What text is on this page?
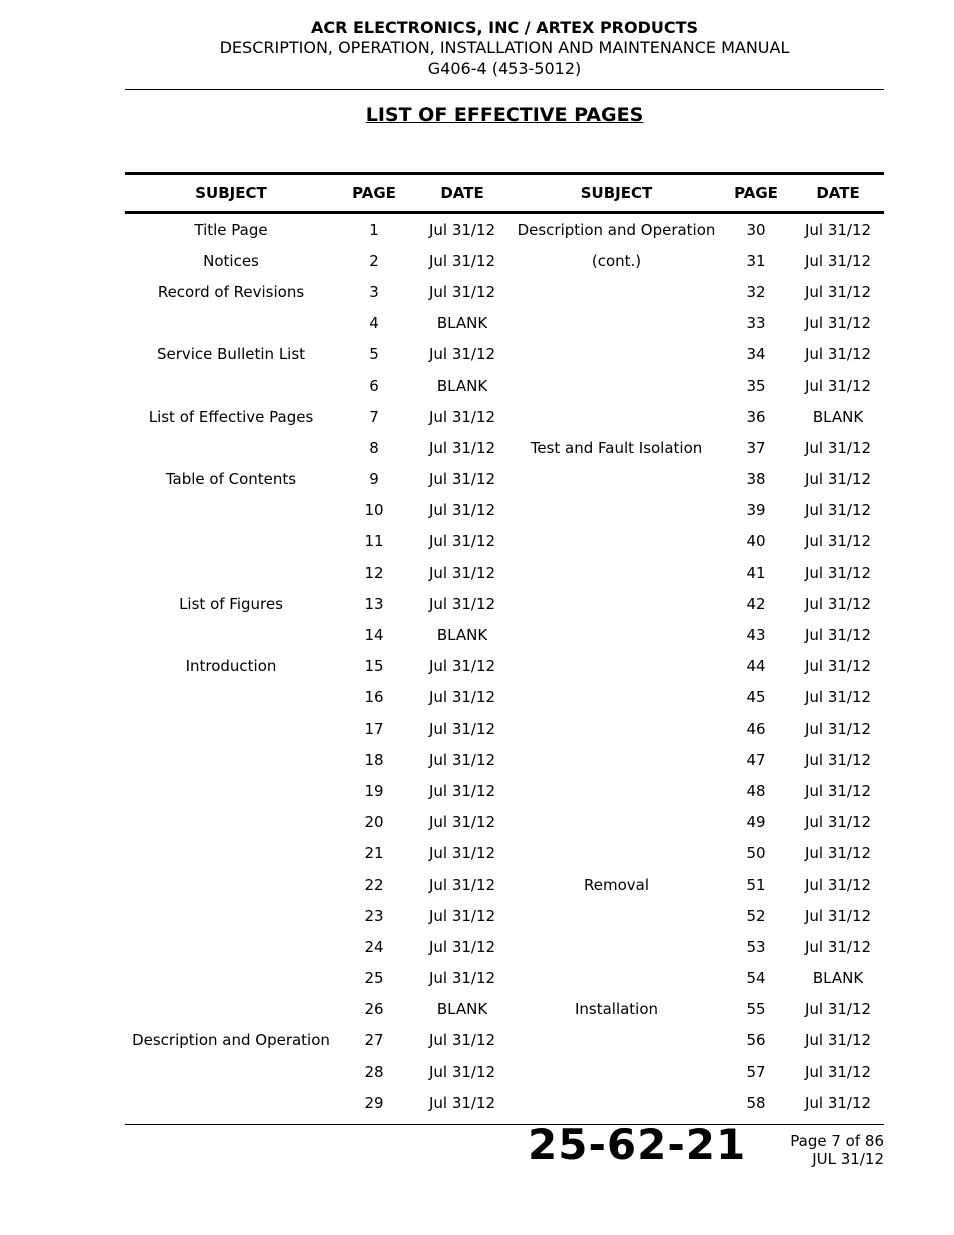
ACR ELECTRONICS, INC / ARTEX PRODUCTS
DESCRIPTION, OPERATION, INSTALLATION AND MAINTENANCE MANUAL
G406-4 (453-5012)
LIST OF EFFECTIVE PAGES
SUBJECT	PAGE	DATE	SUBJECT	PAGE	DATE
Title Page	1	Jul 31/12	Description and Operation	30	Jul 31/12
Notices	2	Jul 31/12	(cont.)	31	Jul 31/12
Record of Revisions	3	Jul 31/12		32	Jul 31/12
	4	BLANK		33	Jul 31/12
Service Bulletin List	5	Jul 31/12		34	Jul 31/12
	6	BLANK		35	Jul 31/12
List of Effective Pages	7	Jul 31/12		36	BLANK
	8	Jul 31/12	Test and Fault Isolation	37	Jul 31/12
Table of Contents	9	Jul 31/12		38	Jul 31/12
	10	Jul 31/12		39	Jul 31/12
	11	Jul 31/12		40	Jul 31/12
	12	Jul 31/12		41	Jul 31/12
List of Figures	13	Jul 31/12		42	Jul 31/12
	14	BLANK		43	Jul 31/12
Introduction	15	Jul 31/12		44	Jul 31/12
	16	Jul 31/12		45	Jul 31/12
	17	Jul 31/12		46	Jul 31/12
	18	Jul 31/12		47	Jul 31/12
	19	Jul 31/12		48	Jul 31/12
	20	Jul 31/12		49	Jul 31/12
	21	Jul 31/12		50	Jul 31/12
	22	Jul 31/12	Removal	51	Jul 31/12
	23	Jul 31/12		52	Jul 31/12
	24	Jul 31/12		53	Jul 31/12
	25	Jul 31/12		54	BLANK
	26	BLANK	Installation	55	Jul 31/12
Description and Operation	27	Jul 31/12		56	Jul 31/12
	28	Jul 31/12		57	Jul 31/12
	29	Jul 31/12		58	Jul 31/12
25-62-21	Page 7 of 86
JUL 31/12
